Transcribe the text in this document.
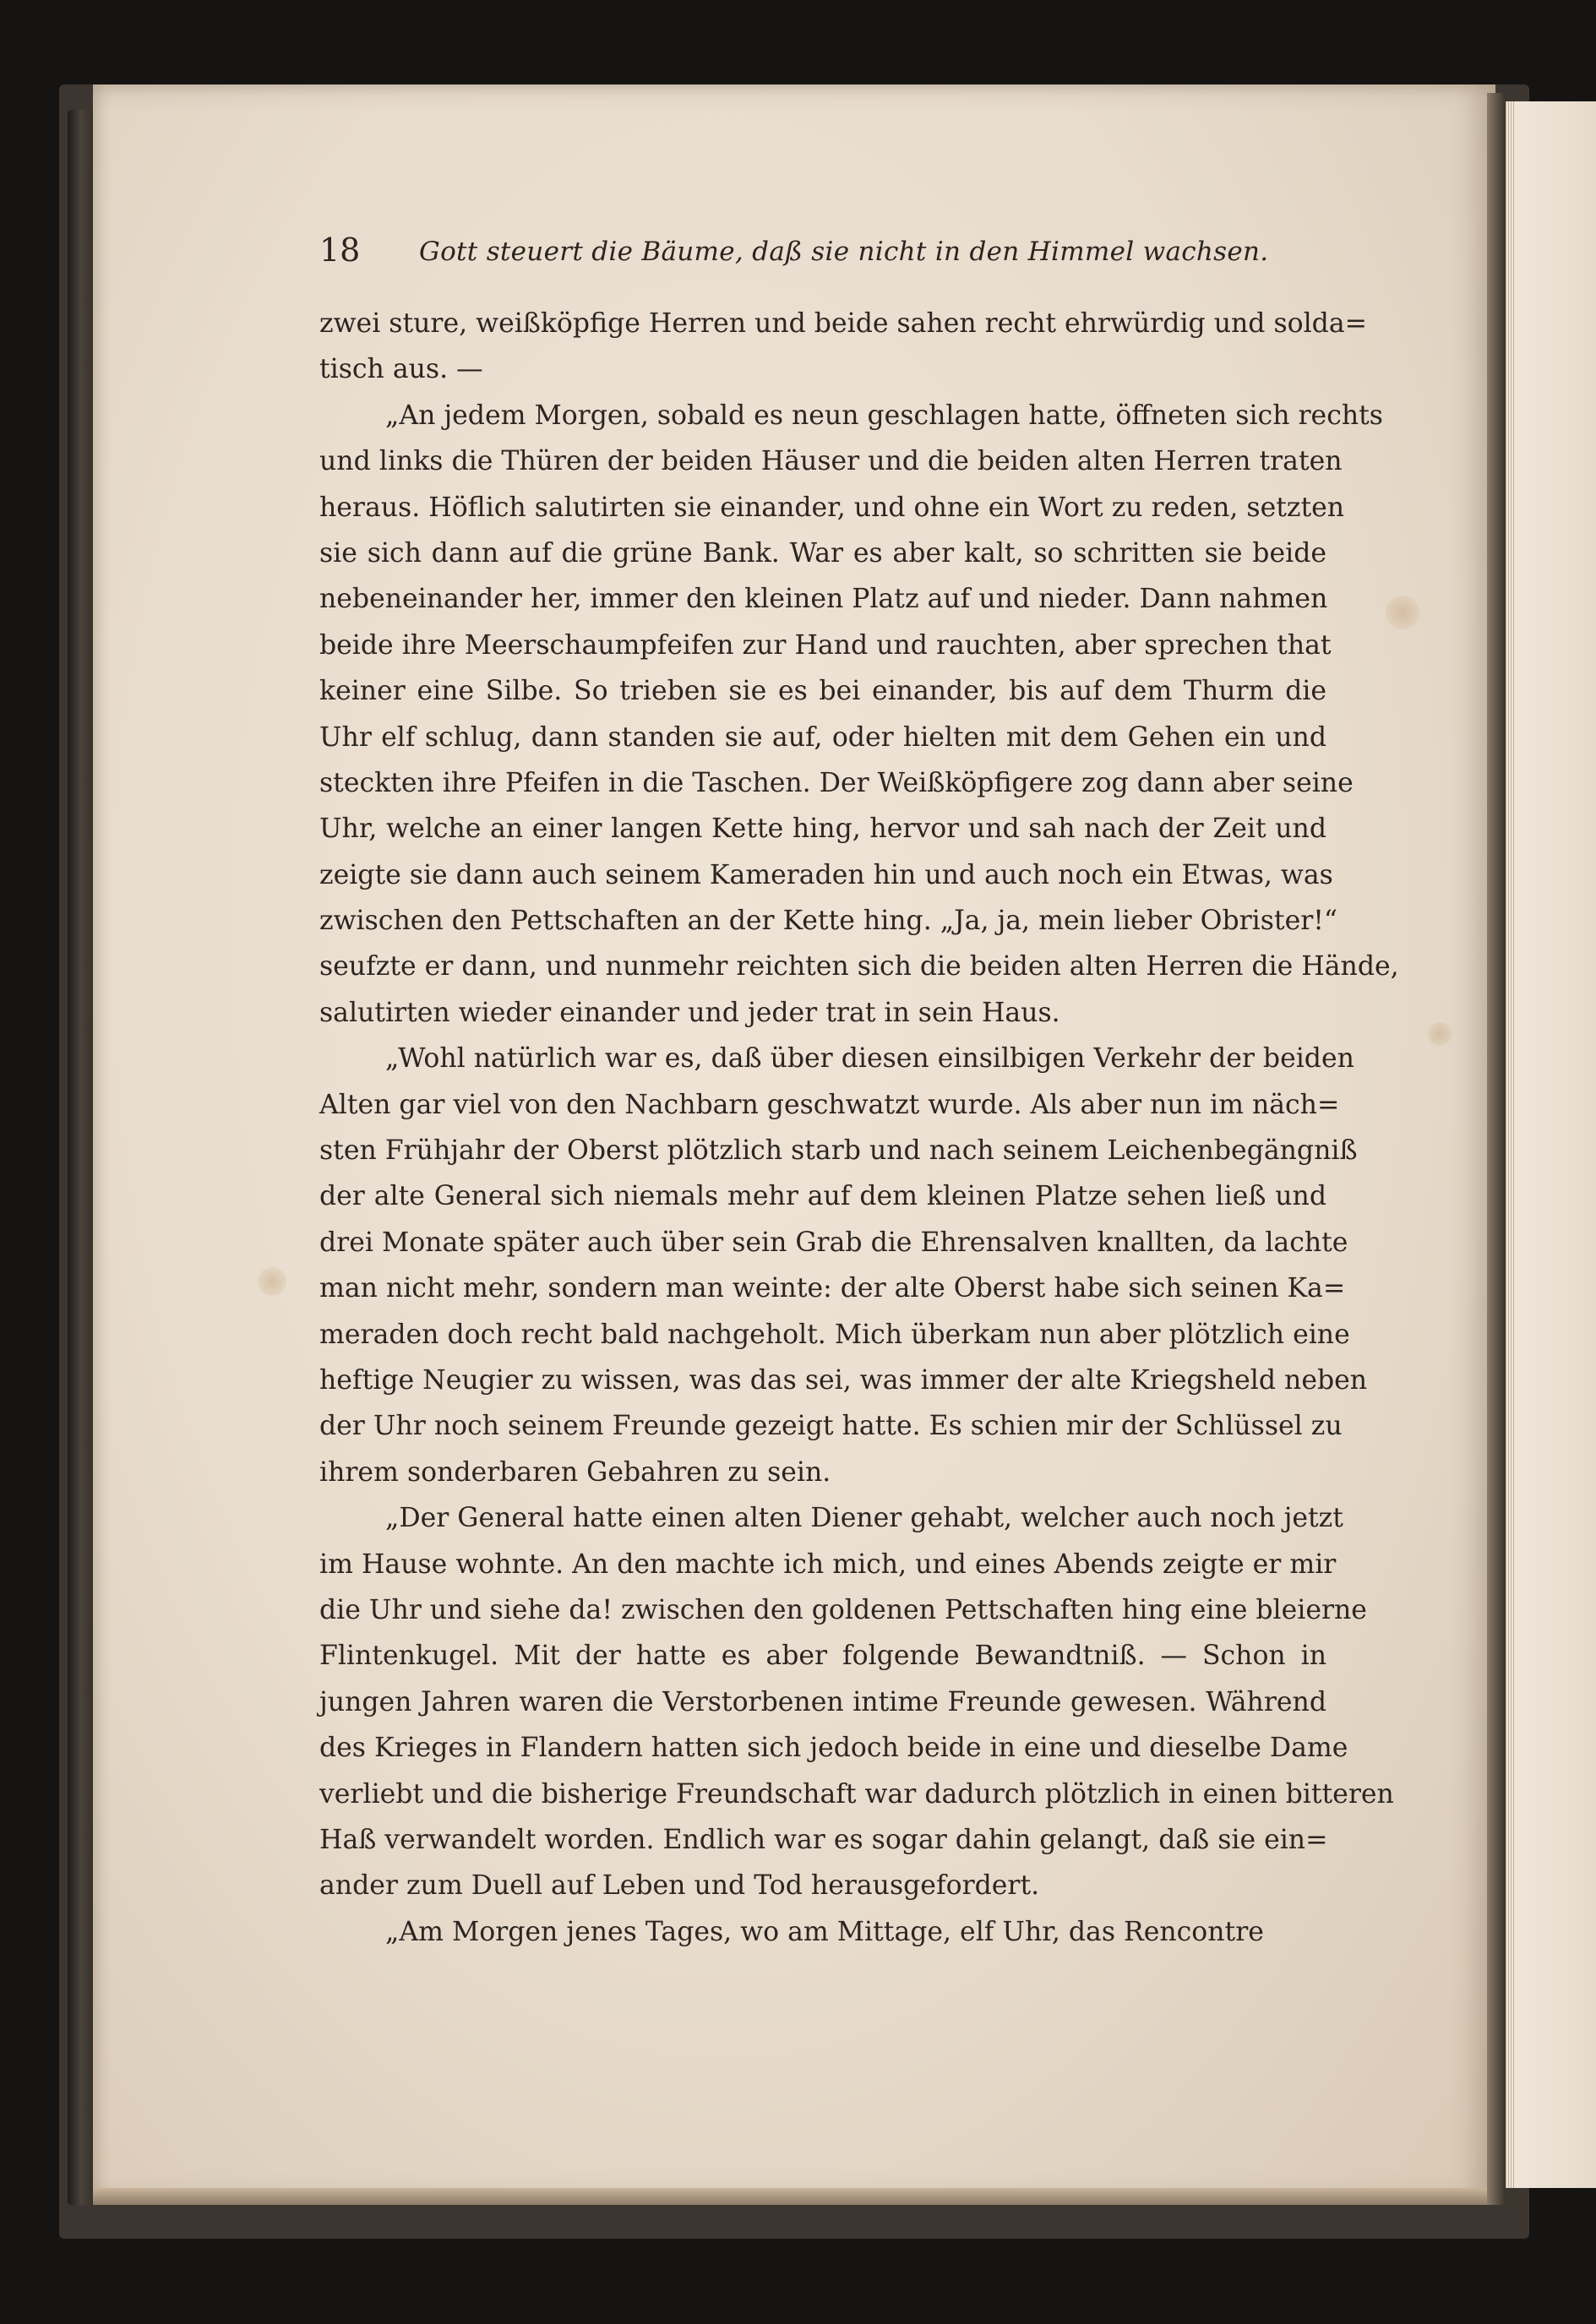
18 Gott steuert die Bäume, daß sie nicht in den Himmel wachsen.
zwei sture, weißköpfige Herren und beide sahen recht ehrwürdig und solda=
tisch aus. —
„An jedem Morgen, sobald es neun geschlagen hatte, öffneten sich rechts
und links die Thüren der beiden Häuser und die beiden alten Herren traten
heraus. Höflich salutirten sie einander, und ohne ein Wort zu reden, setzten
sie sich dann auf die grüne Bank. War es aber kalt, so schritten sie beide
nebeneinander her, immer den kleinen Platz auf und nieder. Dann nahmen
beide ihre Meerschaumpfeifen zur Hand und rauchten, aber sprechen that
keiner eine Silbe. So trieben sie es bei einander, bis auf dem Thurm die
Uhr elf schlug, dann standen sie auf, oder hielten mit dem Gehen ein und
steckten ihre Pfeifen in die Taschen. Der Weißköpfigere zog dann aber seine
Uhr, welche an einer langen Kette hing, hervor und sah nach der Zeit und
zeigte sie dann auch seinem Kameraden hin und auch noch ein Etwas, was
zwischen den Pettschaften an der Kette hing. „Ja, ja, mein lieber Obrister!“
seufzte er dann, und nunmehr reichten sich die beiden alten Herren die Hände,
salutirten wieder einander und jeder trat in sein Haus.
„Wohl natürlich war es, daß über diesen einsilbigen Verkehr der beiden
Alten gar viel von den Nachbarn geschwatzt wurde. Als aber nun im näch=
sten Frühjahr der Oberst plötzlich starb und nach seinem Leichenbegängniß
der alte General sich niemals mehr auf dem kleinen Platze sehen ließ und
drei Monate später auch über sein Grab die Ehrensalven knallten, da lachte
man nicht mehr, sondern man weinte: der alte Oberst habe sich seinen Ka=
meraden doch recht bald nachgeholt. Mich überkam nun aber plötzlich eine
heftige Neugier zu wissen, was das sei, was immer der alte Kriegsheld neben
der Uhr noch seinem Freunde gezeigt hatte. Es schien mir der Schlüssel zu
ihrem sonderbaren Gebahren zu sein.
„Der General hatte einen alten Diener gehabt, welcher auch noch jetzt
im Hause wohnte. An den machte ich mich, und eines Abends zeigte er mir
die Uhr und siehe da! zwischen den goldenen Pettschaften hing eine bleierne
Flintenkugel. Mit der hatte es aber folgende Bewandtniß. — Schon in
jungen Jahren waren die Verstorbenen intime Freunde gewesen. Während
des Krieges in Flandern hatten sich jedoch beide in eine und dieselbe Dame
verliebt und die bisherige Freundschaft war dadurch plötzlich in einen bitteren
Haß verwandelt worden. Endlich war es sogar dahin gelangt, daß sie ein=
ander zum Duell auf Leben und Tod herausgefordert.
„Am Morgen jenes Tages, wo am Mittage, elf Uhr, das Rencontre
